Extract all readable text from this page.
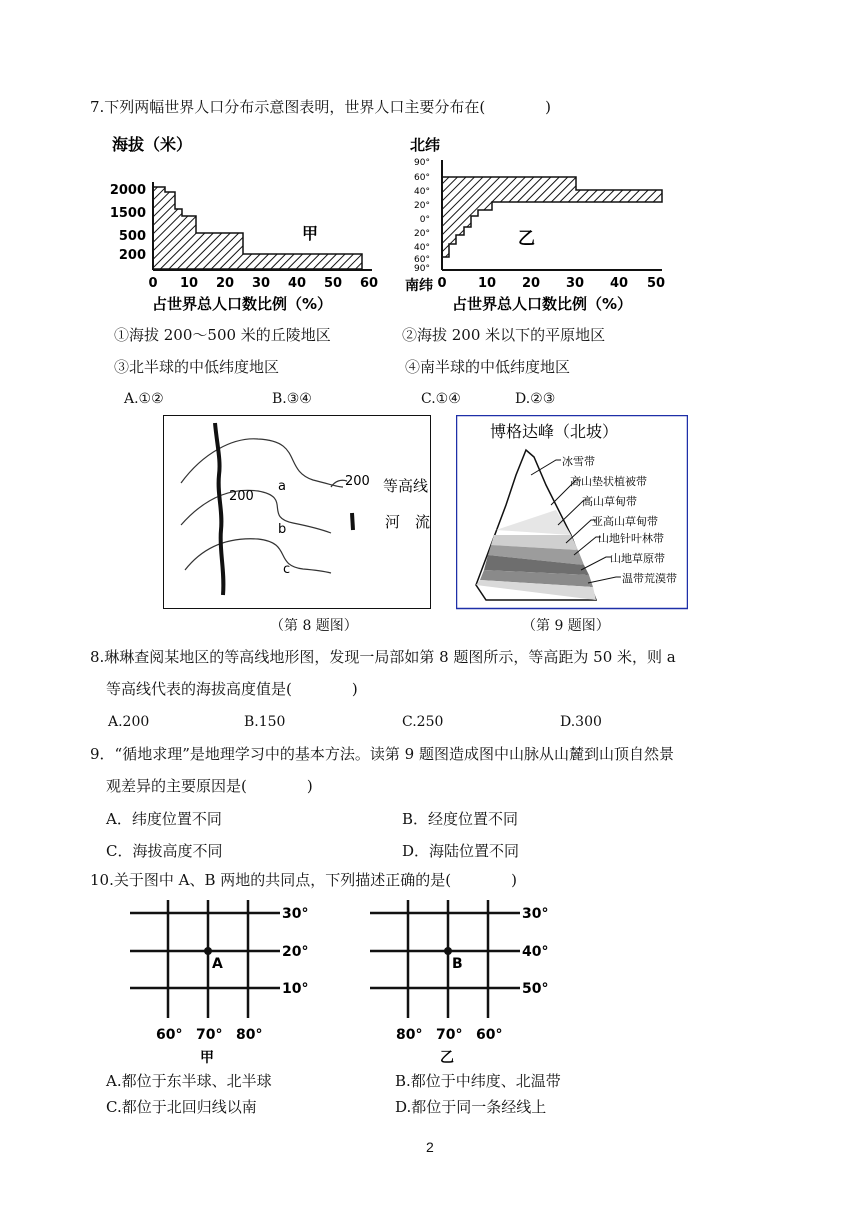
7.下列两幅世界人口分布示意图表明，世界人口主要分布在(　　　　)
海拔（米）
2000
1500
500
200
0 10 20 30 40 50 60
占世界总人口数比例（%）
甲
北纬
90°
60°
40°
20°
0°
20°
40°
60°
90°
0 10 20 30 40 50
南纬
占世界总人口数比例（%）
乙
①海拔 200～500 米的丘陵地区	②海拔 200 米以下的平原地区
③北半球的中低纬度地区	④南半球的中低纬度地区
A.①②	B.③④	C.①④	D.②③
200
a
b
c
200 等高线
河　流
（第 8 题图）
博格达峰（北坡）
冰雪带
高山垫状植被带
高山草甸带
亚高山草甸带
山地针叶林带
山地草原带
温带荒漠带
（第 9 题图）
8.琳琳查阅某地区的等高线地形图，发现一局部如第 8 题图所示，等高距为 50 米，则 a
等高线代表的海拔高度值是(　　　　)
A.200	B.150	C.250	D.300
9．“循地求理”是地理学习中的基本方法。读第 9 题图造成图中山脉从山麓到山顶自然景
观差异的主要原因是(　　　　)
A．纬度位置不同	B．经度位置不同
C．海拔高度不同	D．海陆位置不同
10.关于图中 A、B 两地的共同点，下列描述正确的是(　　　　)
30°
20°
10°
60° 70° 80°
A
甲
30°
40°
50°
80° 70° 60°
B
乙
A.都位于东半球、北半球	B.都位于中纬度、北温带
C.都位于北回归线以南	D.都位于同一条经线上
2
